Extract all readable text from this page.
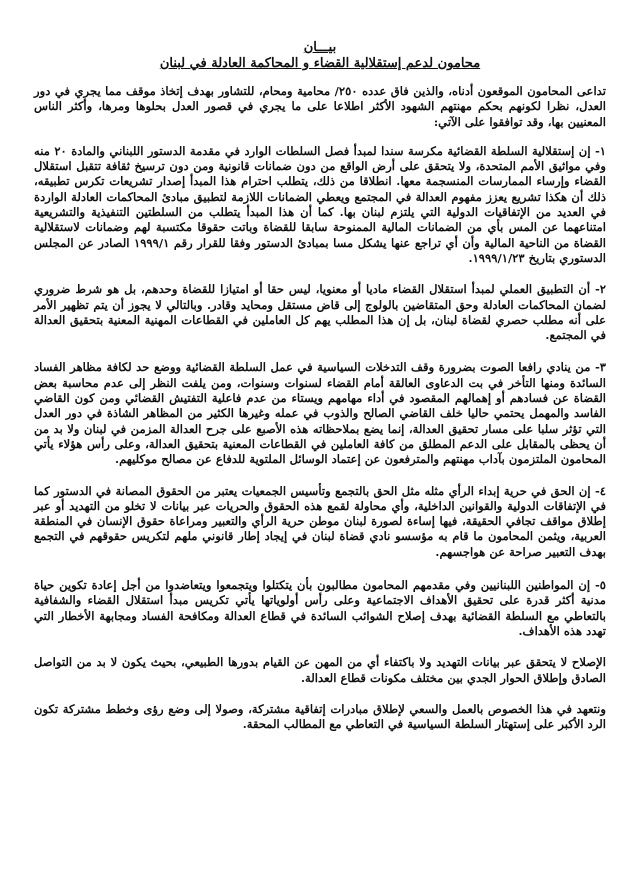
بيـــان
محامون لدعم إستقلالية القضاء و المحاكمة العادلة في لبنان

تداعى المحامون الموقعون أدناه، والذين فاق عدده ٢٥٠/ محامية ومحام، للتشاور بهدف إتخاذ موقف مما يجري في دور العدل، نظرا لكونهم بحكم مهنتهم الشهود الأكثر اطلاعا على ما يجري في قصور العدل بحلوها ومرها، وأكثر الناس المعنيين بها، وقد توافقوا على الآتي:

١- إن إستقلالية السلطة القضائية مكرسة سندا لمبدأ فصل السلطات الوارد في مقدمة الدستور اللبناني والمادة ٢٠ منه وفي مواثيق الأمم المتحدة، ولا يتحقق على أرض الواقع من دون ضمانات قانونية ومن دون ترسيخ ثقافة تتقبل استقلال القضاء وإرساء الممارسات المنسجمة معها. انطلاقا من ذلك، يتطلب احترام هذا المبدأ إصدار تشريعات تكرس تطبيقه، ذلك أن هكذا تشريع يعزز مفهوم العدالة في المجتمع ويعطي الضمانات اللازمة لتطبيق مبادئ المحاكمات العادلة الواردة في العديد من الإتفاقيات الدولية التي يلتزم لبنان بها. كما أن هذا المبدأ يتطلب من السلطتين التنفيذية والتشريعية امتناعهما عن المس بأي من الضمانات المالية الممنوحة سابقا للقضاة وباتت حقوقا مكتسبة لهم وضمانات لاستقلالية القضاة من الناحية المالية وأن أي تراجع عنها يشكل مسا بمبادئ الدستور وفقا للقرار رقم ١٩٩٩/١ الصادر عن المجلس الدستوري بتاريخ ١٩٩٩/١/٢٣.

٢- أن التطبيق العملي لمبدأ استقلال القضاء ماديا أو معنويا، ليس حقا أو امتيازا للقضاة وحدهم، بل هو شرط ضروري لضمان المحاكمات العادلة وحق المتقاضين بالولوج إلى قاض مستقل ومحايد وقادر. وبالتالي لا يجوز أن يتم تظهير الأمر على أنه مطلب حصري لقضاة لبنان، بل إن هذا المطلب يهم كل العاملين في القطاعات المهنية المعنية بتحقيق العدالة في المجتمع.

٣- من ينادي رافعا الصوت بضرورة وقف التدخلات السياسية في عمل السلطة القضائية ووضع حد لكافة مظاهر الفساد السائدة ومنها التأخر في بت الدعاوى العالقة أمام القضاء لسنوات وسنوات، ومن يلفت النظر إلى عدم محاسبة بعض القضاة عن فسادهم أو إهمالهم المقصود في أداء مهامهم ويستاء من عدم فاعلية التفتيش القضائي ومن كون القاضي الفاسد والمهمل يحتمي حاليا خلف القاضي الصالح والذوب في عمله وغيرها الكثير من المظاهر الشاذة في دور العدل التي تؤثر سلبا على مسار تحقيق العدالة، إنما يضع بملاحظاته هذه الأصبع على جرح العدالة المزمن في لبنان ولا بد من أن يحظى بالمقابل على الدعم المطلق من كافة العاملين في القطاعات المعنية بتحقيق العدالة، وعلى رأس هؤلاء يأتي المحامون الملتزمون بآداب مهنتهم والمترفعون عن إعتماد الوسائل الملتوية للدفاع عن مصالح موكليهم.

٤- إن الحق في حرية إبداء الرأي مثله مثل الحق بالتجمع وتأسيس الجمعيات يعتبر من الحقوق المصانة في الدستور كما في الإتفاقات الدولية والقوانين الداخلية، وأي محاولة لقمع هذه الحقوق والحريات عبر بيانات لا تخلو من التهديد أو عبر إطلاق مواقف تجافي الحقيقة، فيها إساءة لصورة لبنان موطن حرية الرأي والتعبير ومراعاة حقوق الإنسان في المنطقة العربية، ويثمن المحامون ما قام به مؤسسو نادي قضاة لبنان في إيجاد إطار قانوني ملهم لتكريس حقوقهم في التجمع بهدف التعبير صراحة عن هواجسهم.

٥- إن المواطنين اللبنانيين وفي مقدمهم المحامون مطالبون بأن يتكتلوا ويتجمعوا ويتعاضدوا من أجل إعادة تكوين حياة مدنية أكثر قدرة على تحقيق الأهداف الاجتماعية وعلى رأس أولوياتها يأتي تكريس مبدأ استقلال القضاء والشفافية بالتعاطي مع السلطة القضائية بهدف إصلاح الشوائب السائدة في قطاع العدالة ومكافحة الفساد ومجابهة الأخطار التي تهدد هذه الأهداف.

الإصلاح لا يتحقق عبر بيانات التهديد ولا باكتفاء أي من المهن عن القيام بدورها الطبيعي، بحيث يكون لا بد من التواصل الصادق وإطلاق الحوار الجدي بين مختلف مكونات قطاع العدالة.

ونتعهد في هذا الخصوص بالعمل والسعي لإطلاق مبادرات إتفاقية مشتركة، وصولا إلى وضع رؤى وخطط مشتركة تكون الرد الأكبر على إستهتار السلطة السياسية في التعاطي مع المطالب المحقة.
